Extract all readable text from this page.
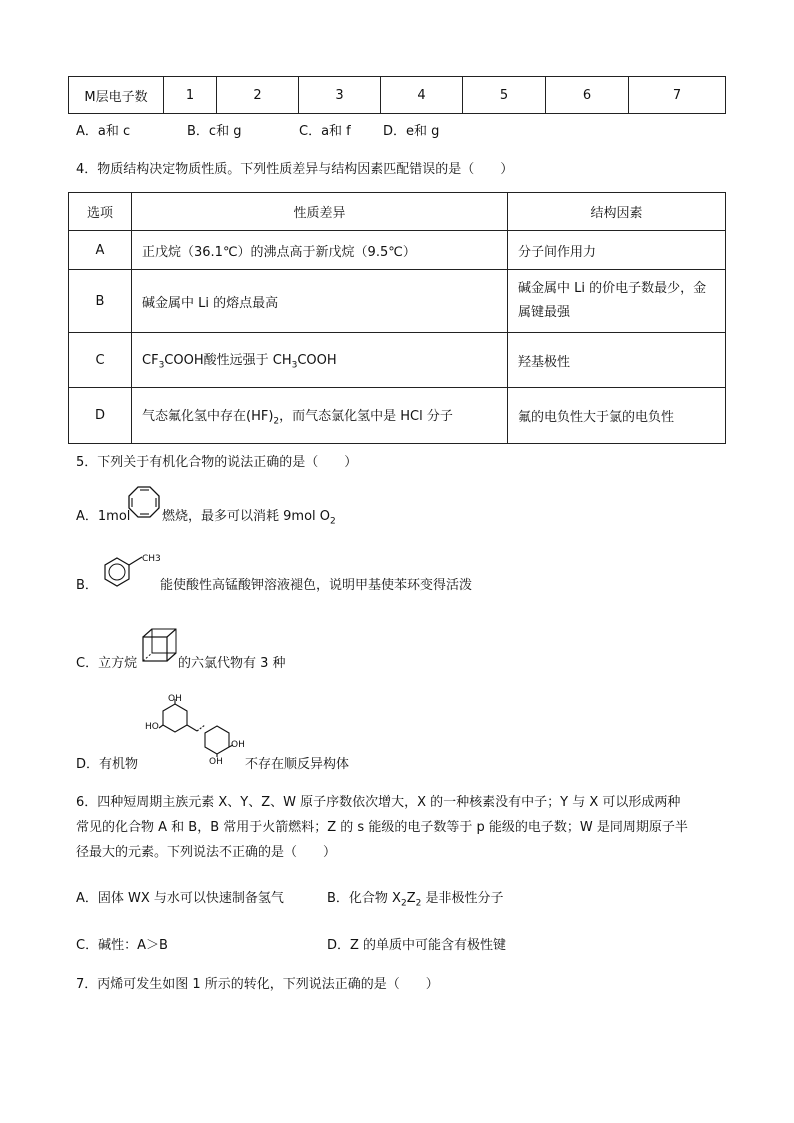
M层电子数	1	2	3	4	5	6	7
A．a和 c	B．c和 g	C．a和 f D．e和 g
4．物质结构决定物质性质。下列性质差异与结构因素匹配错误的是（　　）
选项	性质差异	结构因素
A	正戊烷（36.1℃）的沸点高于新戊烷（9.5℃）	分子间作用力
B	碱金属中 Li 的熔点最高	碱金属中 Li 的价电子数最少，金属键最强
C	$CF_3COOH$酸性远强于 $CH_3COOH$	羟基极性
D	气态氟化氢中存在$(HF)_2$，而气态氯化氢中是 HCl 分子	氟的电负性大于氯的电负性
5．下列关于有机化合物的说法正确的是（　　）
A．1mol 燃烧，最多可以消耗 9mol $O_2$
B．
CH3
能使酸性高锰酸钾溶液褪色，说明甲基使苯环变得活泼
C．立方烷	的六氯代物有 3 种
D．有机物
OH
HO
OH
OH 不存在顺反异构体
6．四种短周期主族元素 X、Y、Z、W 原子序数依次增大，X 的一种核素没有中子；Y 与 X 可以形成两种
常见的化合物 A 和 B，B 常用于火箭燃料；Z 的 s 能级的电子数等于 p 能级的电子数；W 是同周期原子半
径最大的元素。下列说法不正确的是（　　）
A．固体 WX 与水可以快速制备氢气	B．化合物 $X_2Z_2$ 是非极性分子
C．碱性：A＞B	D．Z 的单质中可能含有极性键
7．丙烯可发生如图 1 所示的转化，下列说法正确的是（　　）
